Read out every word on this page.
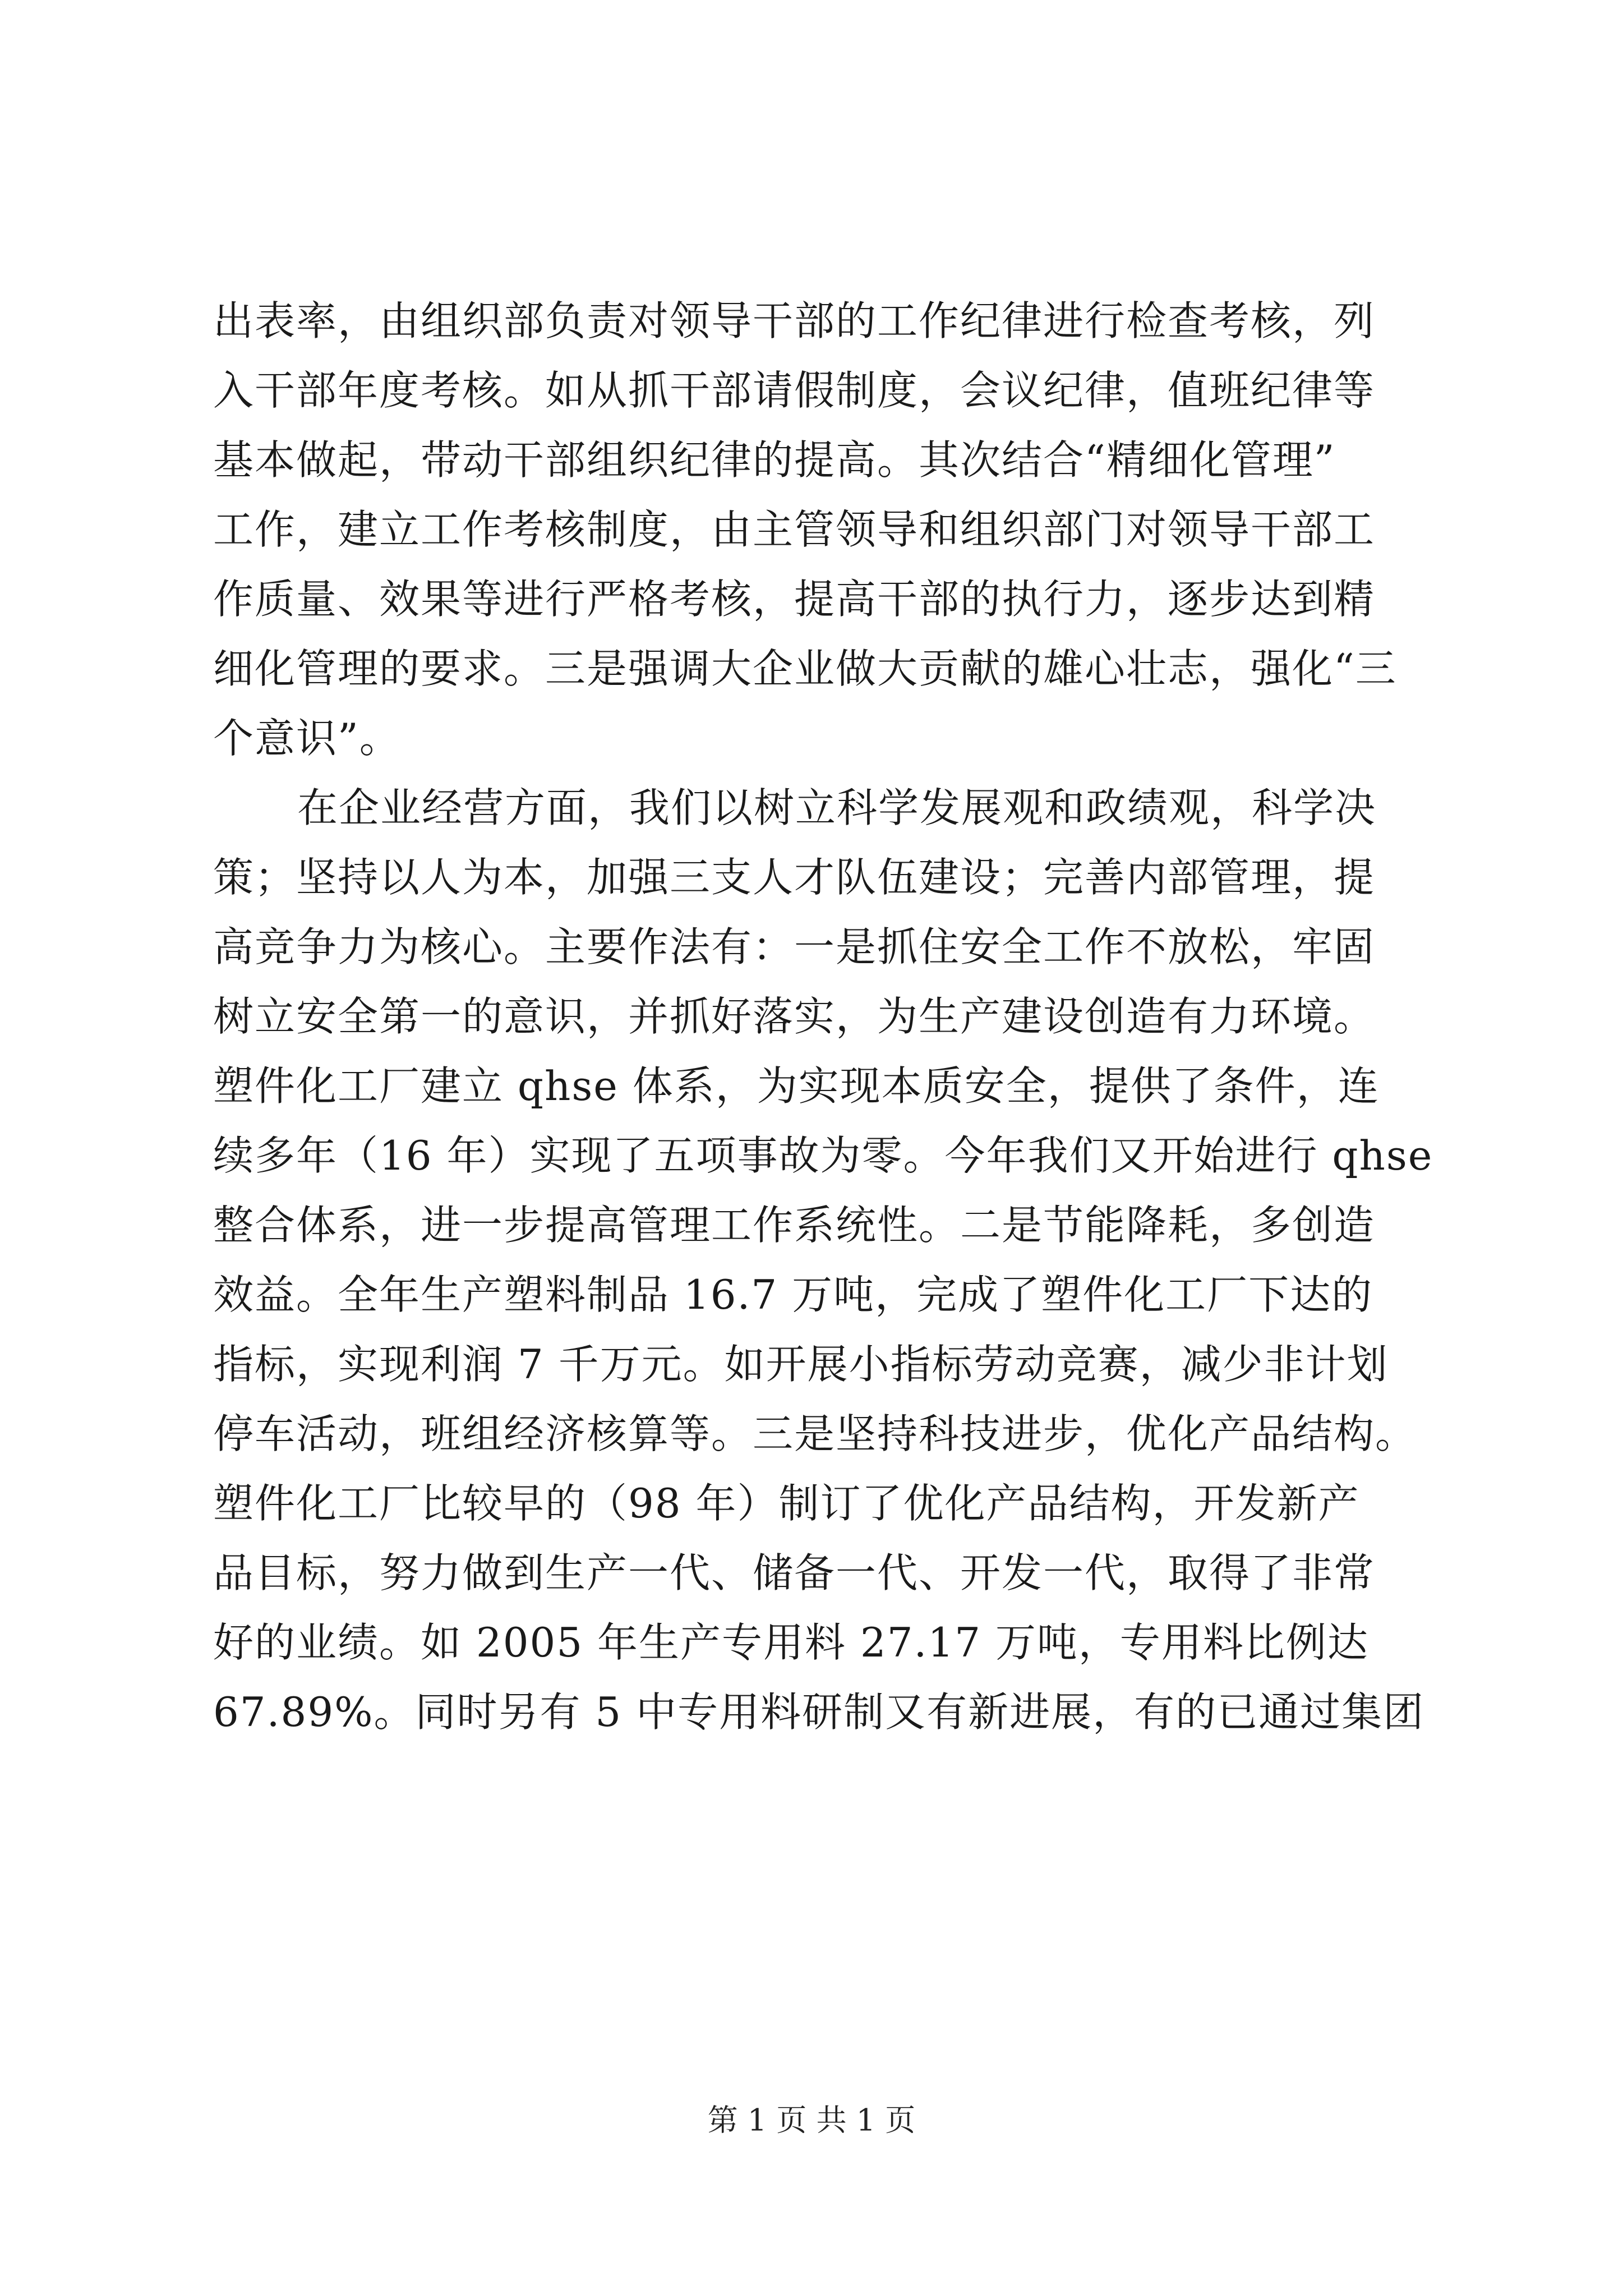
出表率，由组织部负责对领导干部的工作纪律进行检查考核，列
入干部年度考核。如从抓干部请假制度，会议纪律，值班纪律等
基本做起，带动干部组织纪律的提高。其次结合“精细化管理”
工作，建立工作考核制度，由主管领导和组织部门对领导干部工
作质量、效果等进行严格考核，提高干部的执行力，逐步达到精
细化管理的要求。三是强调大企业做大贡献的雄心壮志，强化“三
个意识”。
在企业经营方面，我们以树立科学发展观和政绩观，科学决
策；坚持以人为本，加强三支人才队伍建设；完善内部管理，提
高竞争力为核心。主要作法有：一是抓住安全工作不放松，牢固
树立安全第一的意识，并抓好落实，为生产建设创造有力环境。
塑件化工厂建立 qhse 体系，为实现本质安全，提供了条件，连
续多年（16 年）实现了五项事故为零。今年我们又开始进行 qhse
整合体系，进一步提高管理工作系统性。二是节能降耗，多创造
效益。全年生产塑料制品 16.7 万吨，完成了塑件化工厂下达的
指标，实现利润 7 千万元。如开展小指标劳动竞赛，减少非计划
停车活动，班组经济核算等。三是坚持科技进步，优化产品结构。
塑件化工厂比较早的（98 年）制订了优化产品结构，开发新产
品目标，努力做到生产一代、储备一代、开发一代，取得了非常
好的业绩。如 2005 年生产专用料 27.17 万吨，专用料比例达
67.89%。同时另有 5 中专用料研制又有新进展，有的已通过集团
第 1 页 共 1 页
